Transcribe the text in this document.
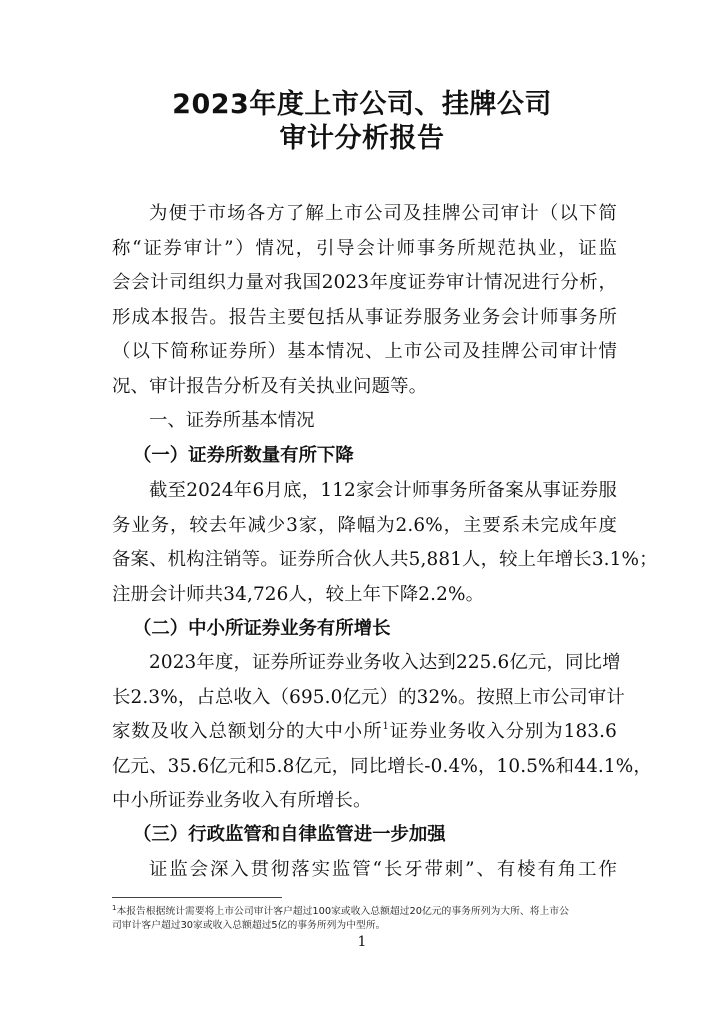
2023年度上市公司、挂牌公司
审计分析报告
为便于市场各方了解上市公司及挂牌公司审计（以下简
称“证券审计”）情况，引导会计师事务所规范执业，证监
会会计司组织力量对我国2023年度证券审计情况进行分析，
形成本报告。报告主要包括从事证券服务业务会计师事务所
（以下简称证券所）基本情况、上市公司及挂牌公司审计情
况、审计报告分析及有关执业问题等。
一、证券所基本情况
（一）证券所数量有所下降
截至2024年6月底，112家会计师事务所备案从事证券服
务业务，较去年减少3家，降幅为2.6%，主要系未完成年度
备案、机构注销等。证券所合伙人共5,881人，较上年增长3.1%；
注册会计师共34,726人，较上年下降2.2%。
（二）中小所证券业务有所增长
2023年度，证券所证券业务收入达到225.6亿元，同比增
长2.3%，占总收入（695.0亿元）的32%。按照上市公司审计
家数及收入总额划分的大中小所$^1$证券业务收入分别为183.6
亿元、35.6亿元和5.8亿元，同比增长-0.4%，10.5%和44.1%，
中小所证券业务收入有所增长。
（三）行政监管和自律监管进一步加强
证监会深入贯彻落实监管“长牙带刺”、有棱有角工作
$^1$本报告根据统计需要将上市公司审计客户超过100家或收入总额超过20亿元的事务所列为大所、将上市公
司审计客户超过30家或收入总额超过5亿的事务所列为中型所。
1
